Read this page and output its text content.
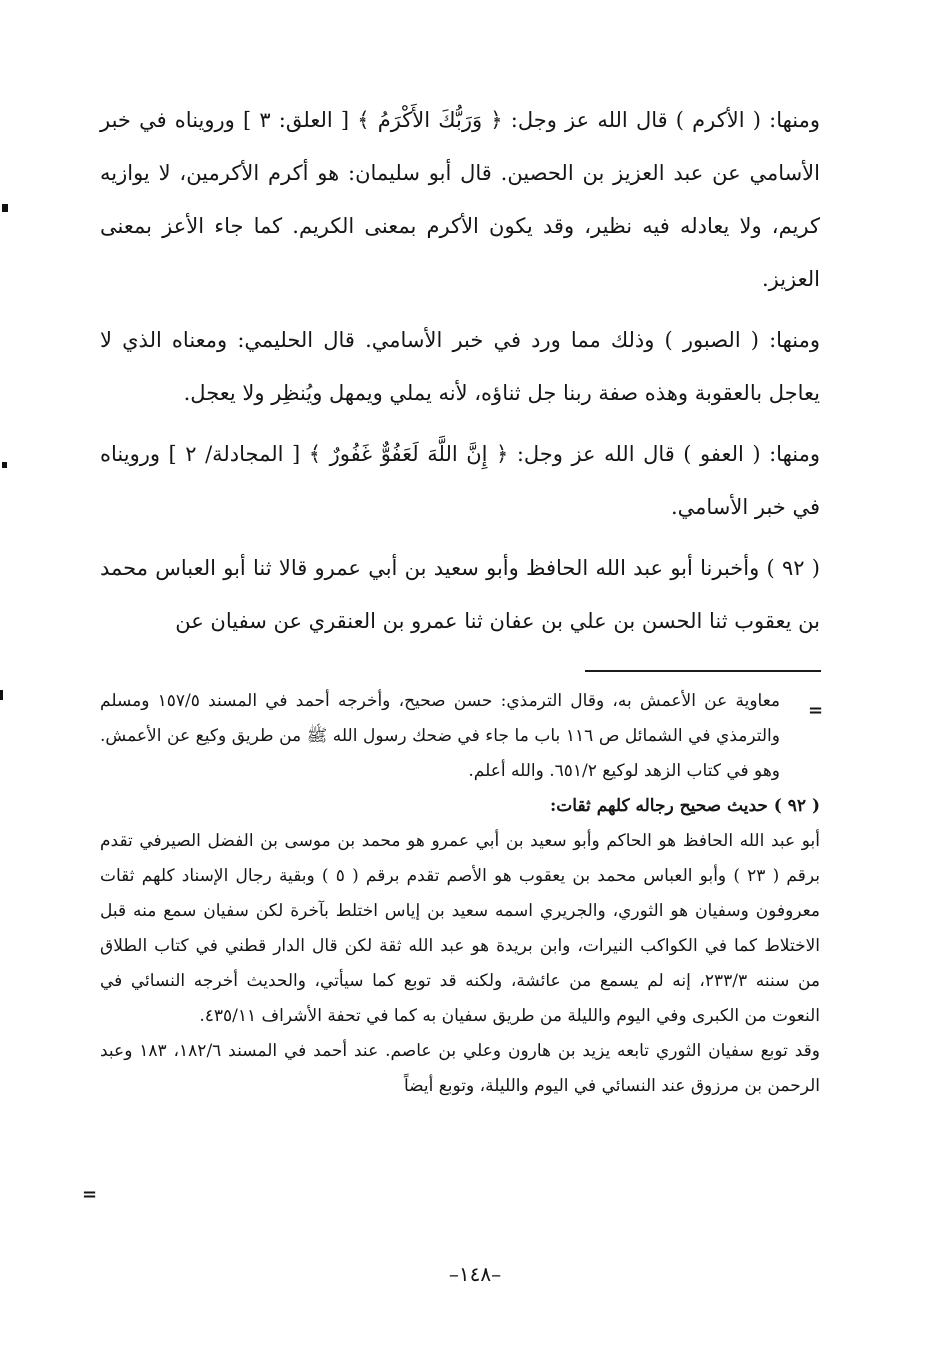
ومنها: ( الأكرم ) قال الله عز وجل: ﴿ وَرَبُّكَ الأَكْرَمُ ﴾ [ العلق: ٣ ] ورويناه في خبر الأسامي عن عبد العزيز بن الحصين. قال أبو سليمان: هو أكرم الأكرمين، لا يوازيه كريم، ولا يعادله فيه نظير، وقد يكون الأكرم بمعنى الكريم. كما جاء الأعز بمعنى العزيز.

ومنها: ( الصبور ) وذلك مما ورد في خبر الأسامي. قال الحليمي: ومعناه الذي لا يعاجل بالعقوبة وهذه صفة ربنا جل ثناؤه، لأنه يملي ويمهل ويُنظِر ولا يعجل.

ومنها: ( العفو ) قال الله عز وجل: ﴿ إِنَّ اللَّهَ لَعَفُوٌّ غَفُورٌ ﴾ [ المجادلة/ ٢ ] ورويناه في خبر الأسامي.

( ٩٢ ) وأخبرنا أبو عبد الله الحافظ وأبو سعيد بن أبي عمرو قالا ثنا أبو العباس محمد بن يعقوب ثنا الحسن بن علي بن عفان ثنا عمرو بن العنقري عن سفيان عن

=

معاوية عن الأعمش به، وقال الترمذي: حسن صحيح، وأخرجه أحمد في المسند ١٥٧/٥ ومسلم والترمذي في الشمائل ص ١١٦ باب ما جاء في ضحك رسول الله ﷺ من طريق وكيع عن الأعمش. وهو في كتاب الزهد لوكيع ٦٥١/٢. والله أعلم.

( ٩٢ ) حديث صحيح رجاله كلهم ثقات:

أبو عبد الله الحافظ هو الحاكم وأبو سعيد بن أبي عمرو هو محمد بن موسى بن الفضل الصيرفي تقدم برقم ( ٢٣ ) وأبو العباس محمد بن يعقوب هو الأصم تقدم برقم ( ٥ ) وبقية رجال الإسناد كلهم ثقات معروفون وسفيان هو الثوري، والجريري اسمه سعيد بن إياس اختلط بآخرة لكن سفيان سمع منه قبل الاختلاط كما في الكواكب النيرات، وابن بريدة هو عبد الله ثقة لكن قال الدار قطني في كتاب الطلاق من سننه ٢٣٣/٣، إنه لم يسمع من عائشة، ولكنه قد توبع كما سيأتي، والحديث أخرجه النسائي في النعوت من الكبرى وفي اليوم والليلة من طريق سفيان به كما في تحفة الأشراف ٤٣٥/١١.

وقد توبع سفيان الثوري تابعه يزيد بن هارون وعلي بن عاصم. عند أحمد في المسند ١٨٢/٦، ١٨٣ وعبد الرحمن بن مرزوق عند النسائي في اليوم والليلة، وتوبع أيضاً

=
–١٤٨–
